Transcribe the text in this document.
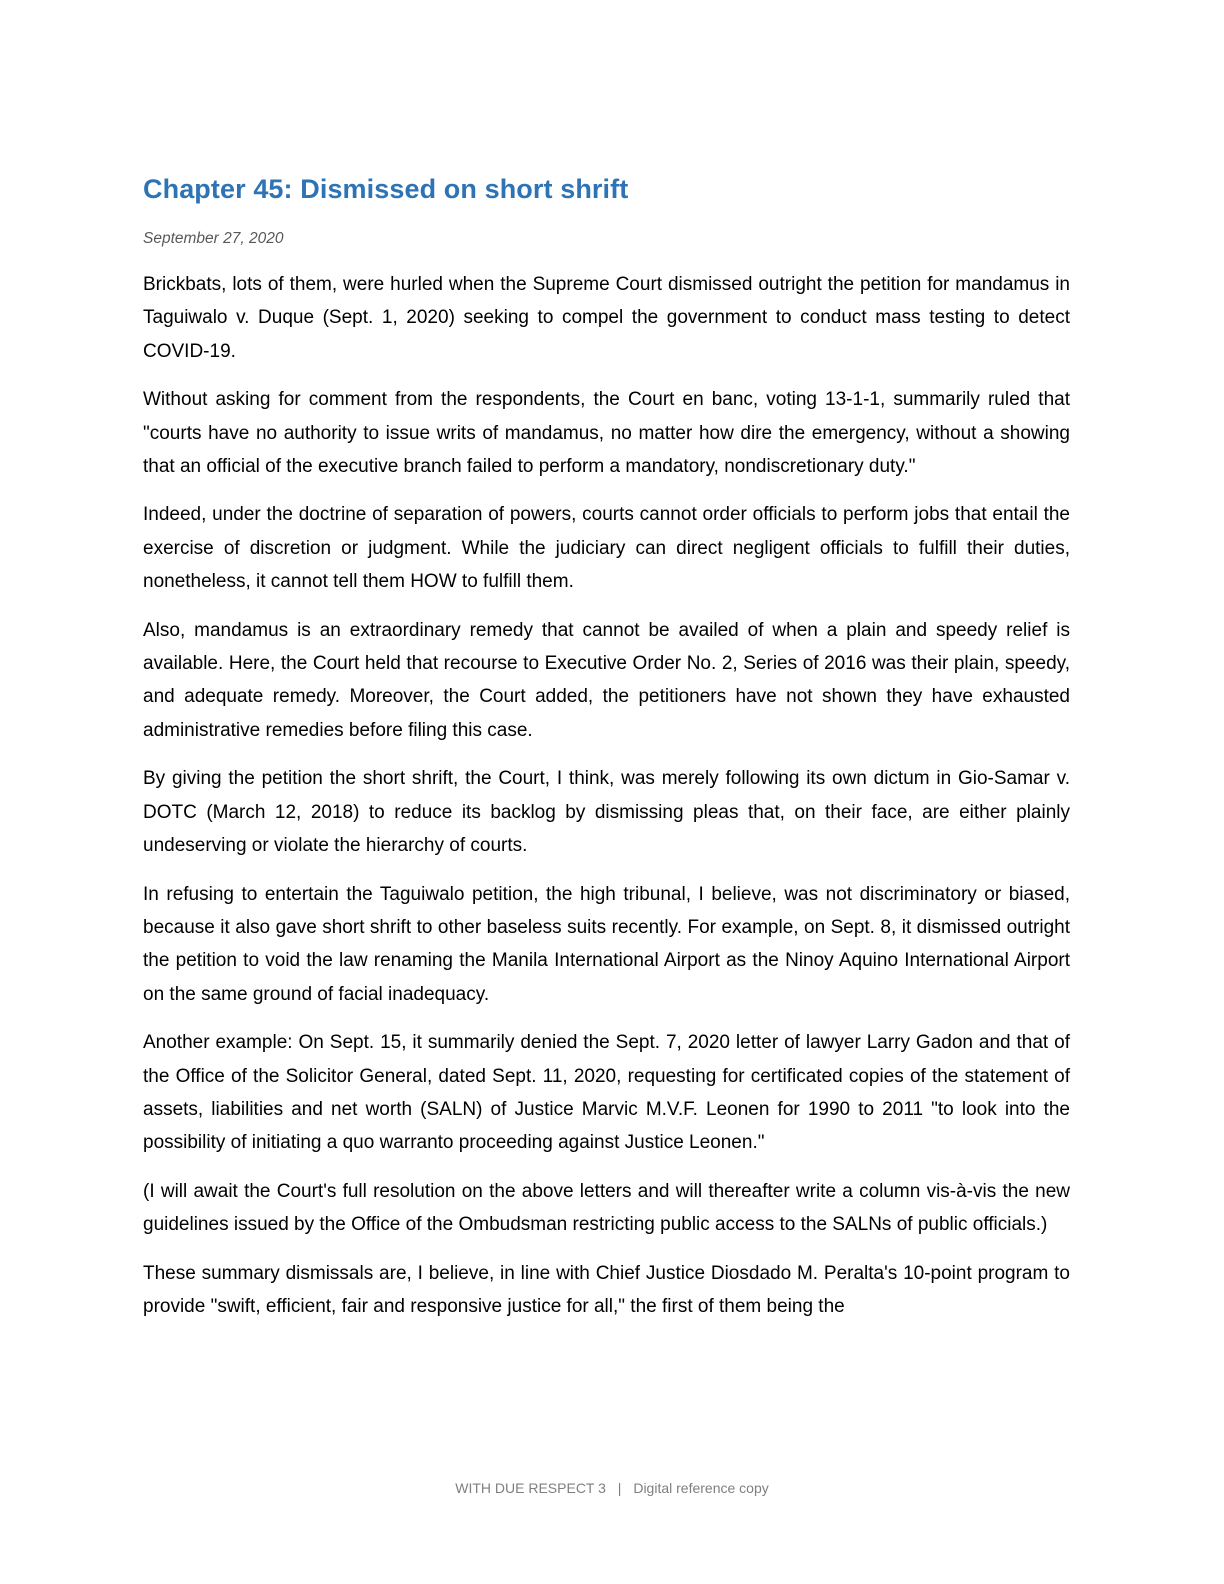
Chapter 45: Dismissed on short shrift

September 27, 2020

Brickbats, lots of them, were hurled when the Supreme Court dismissed outright the petition for mandamus in Taguiwalo v. Duque (Sept. 1, 2020) seeking to compel the government to conduct mass testing to detect COVID-19.

Without asking for comment from the respondents, the Court en banc, voting 13-1-1, summarily ruled that "courts have no authority to issue writs of mandamus, no matter how dire the emergency, without a showing that an official of the executive branch failed to perform a mandatory, nondiscretionary duty."

Indeed, under the doctrine of separation of powers, courts cannot order officials to perform jobs that entail the exercise of discretion or judgment. While the judiciary can direct negligent officials to fulfill their duties, nonetheless, it cannot tell them HOW to fulfill them.

Also, mandamus is an extraordinary remedy that cannot be availed of when a plain and speedy relief is available. Here, the Court held that recourse to Executive Order No. 2, Series of 2016 was their plain, speedy, and adequate remedy. Moreover, the Court added, the petitioners have not shown they have exhausted administrative remedies before filing this case.

By giving the petition the short shrift, the Court, I think, was merely following its own dictum in Gio-Samar v. DOTC (March 12, 2018) to reduce its backlog by dismissing pleas that, on their face, are either plainly undeserving or violate the hierarchy of courts.

In refusing to entertain the Taguiwalo petition, the high tribunal, I believe, was not discriminatory or biased, because it also gave short shrift to other baseless suits recently. For example, on Sept. 8, it dismissed outright the petition to void the law renaming the Manila International Airport as the Ninoy Aquino International Airport on the same ground of facial inadequacy.

Another example: On Sept. 15, it summarily denied the Sept. 7, 2020 letter of lawyer Larry Gadon and that of the Office of the Solicitor General, dated Sept. 11, 2020, requesting for certificated copies of the statement of assets, liabilities and net worth (SALN) of Justice Marvic M.V.F. Leonen for 1990 to 2011 "to look into the possibility of initiating a quo warranto proceeding against Justice Leonen."

(I will await the Court's full resolution on the above letters and will thereafter write a column vis-à-vis the new guidelines issued by the Office of the Ombudsman restricting public access to the SALNs of public officials.)

These summary dismissals are, I believe, in line with Chief Justice Diosdado M. Peralta's 10-point program to provide "swift, efficient, fair and responsive justice for all," the first of them being the

WITH DUE RESPECT 3 | Digital reference copy
